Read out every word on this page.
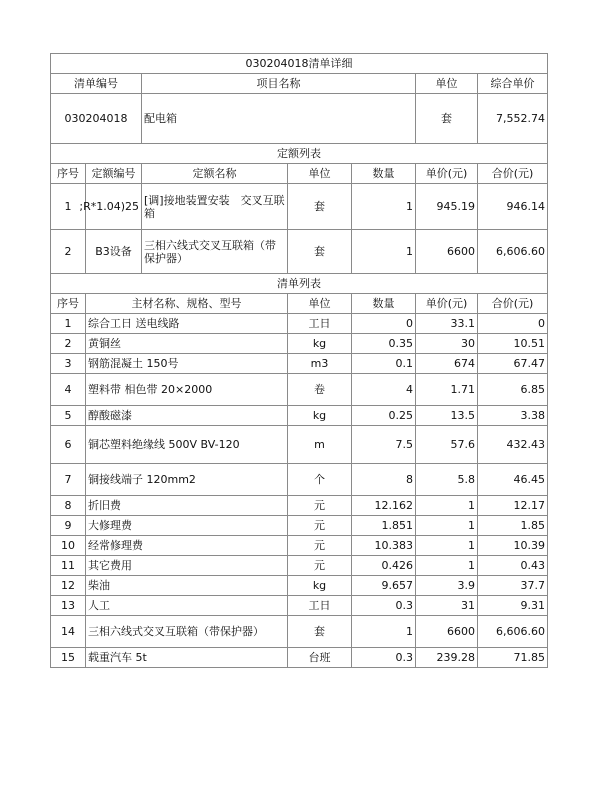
030204018清单详细						
清单编号		项目名称			单位	综合单价
030204018		配电箱			套	7,552.74
定额列表						
序号	定额编号	定额名称	单位	数量	单价(元)	合价(元)
1	25(R*1.04;	[调]接地装置安装　交叉互联箱	套	1	945.19	946.14
2	B3设备	三相六线式交叉互联箱（带保护器）	套	1	6600	6,606.60
清单列表						
序号	主材名称、规格、型号		单位	数量	单价(元)	合价(元)
1	综合工日 送电线路		工日	0	33.1	0
2	黄铜丝		kg	0.35	30	10.51
3	钢筋混凝土 150号		m3	0.1	674	67.47
4	塑料带 相色带 20×2000		卷	4	1.71	6.85
5	醇酸磁漆		kg	0.25	13.5	3.38
6	铜芯塑料绝缘线 500V BV-120		m	7.5	57.6	432.43
7	铜接线端子 120mm2		个	8	5.8	46.45
8	折旧费		元	12.162	1	12.17
9	大修理费		元	1.851	1	1.85
10	经常修理费		元	10.383	1	10.39
11	其它费用		元	0.426	1	0.43
12	柴油		kg	9.657	3.9	37.7
13	人工		工日	0.3	31	9.31
14	三相六线式交叉互联箱（带保护器）		套	1	6600	6,606.60
15	载重汽车 5t		台班	0.3	239.28	71.85
